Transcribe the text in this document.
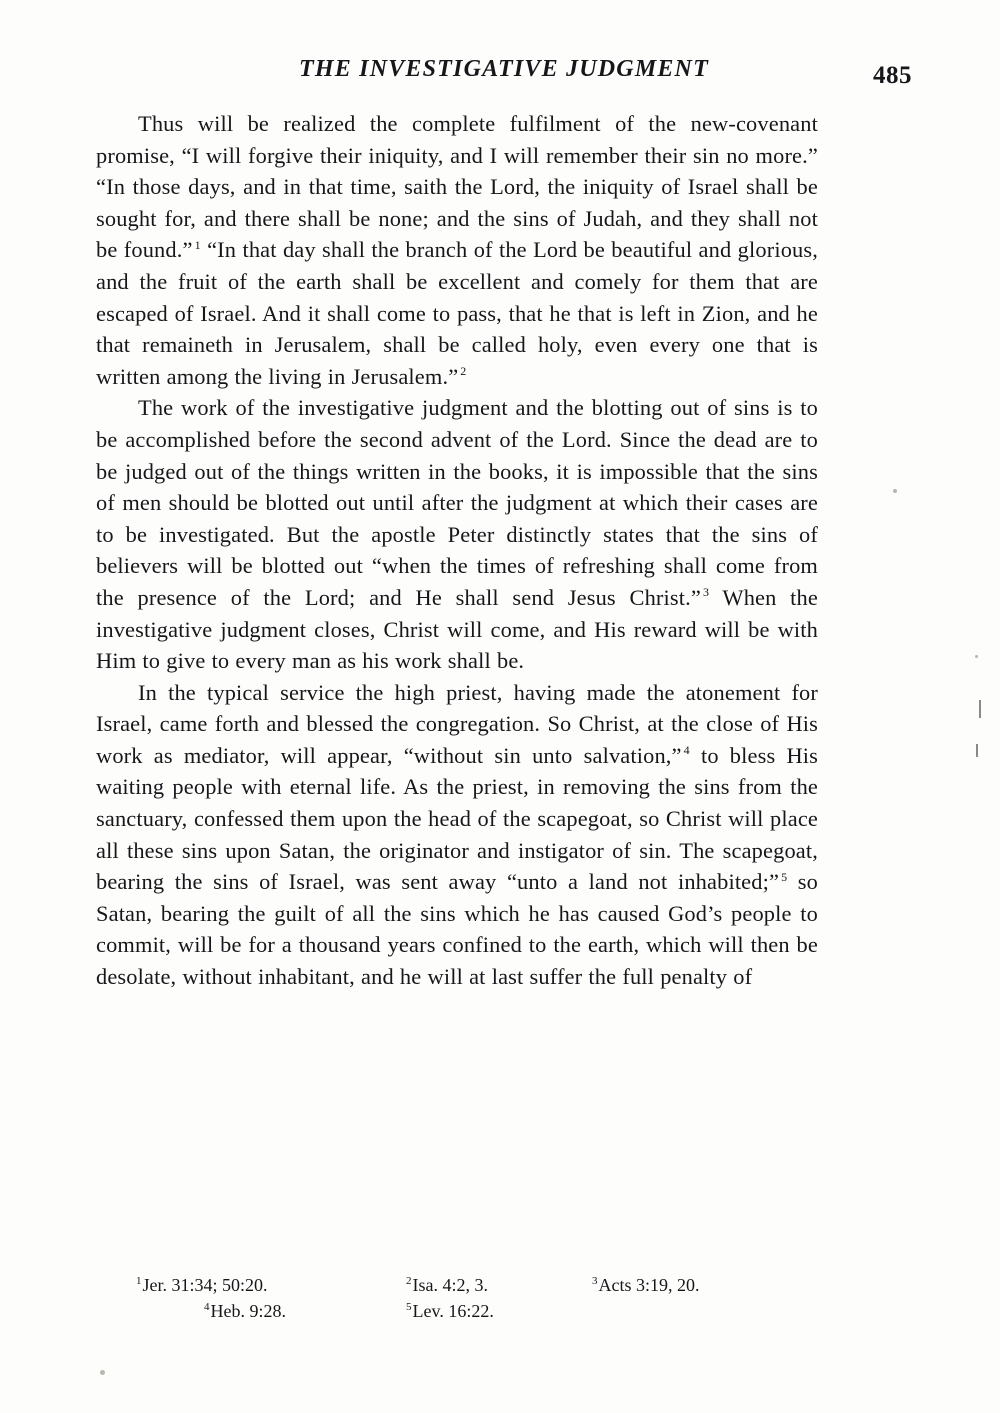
THE INVESTIGATIVE JUDGMENT	485

Thus will be realized the complete fulfilment of the new-covenant promise, “I will forgive their iniquity, and I will remember their sin no more.” “In those days, and in that time, saith the Lord, the iniquity of Israel shall be sought for, and there shall be none; and the sins of Judah, and they shall not be found.” $^1$ “In that day shall the branch of the Lord be beautiful and glorious, and the fruit of the earth shall be excellent and comely for them that are escaped of Israel. And it shall come to pass, that he that is left in Zion, and he that remaineth in Jerusalem, shall be called holy, even every one that is written among the living in Jerusalem.” $^2$

The work of the investigative judgment and the blotting out of sins is to be accomplished before the second advent of the Lord. Since the dead are to be judged out of the things written in the books, it is impossible that the sins of men should be blotted out until after the judgment at which their cases are to be investigated. But the apostle Peter distinctly states that the sins of believers will be blotted out “when the times of refreshing shall come from the presence of the Lord; and He shall send Jesus Christ.” $^3$ When the investigative judgment closes, Christ will come, and His reward will be with Him to give to every man as his work shall be.

In the typical service the high priest, having made the atonement for Israel, came forth and blessed the congregation. So Christ, at the close of His work as mediator, will appear, “without sin unto salvation,” $^4$ to bless His waiting people with eternal life. As the priest, in removing the sins from the sanctuary, confessed them upon the head of the scapegoat, so Christ will place all these sins upon Satan, the originator and instigator of sin. The scapegoat, bearing the sins of Israel, was sent away “unto a land not inhabited;” $^5$ so Satan, bearing the guilt of all the sins which he has caused God’s people to commit, will be for a thousand years confined to the earth, which will then be desolate, without inhabitant, and he will at last suffer the full penalty of

$^1$Jer. 31:34; 50:20.	$^2$Isa. 4:2, 3.	$^3$Acts 3:19, 20.
$^4$Heb. 9:28.	$^5$Lev. 16:22.
